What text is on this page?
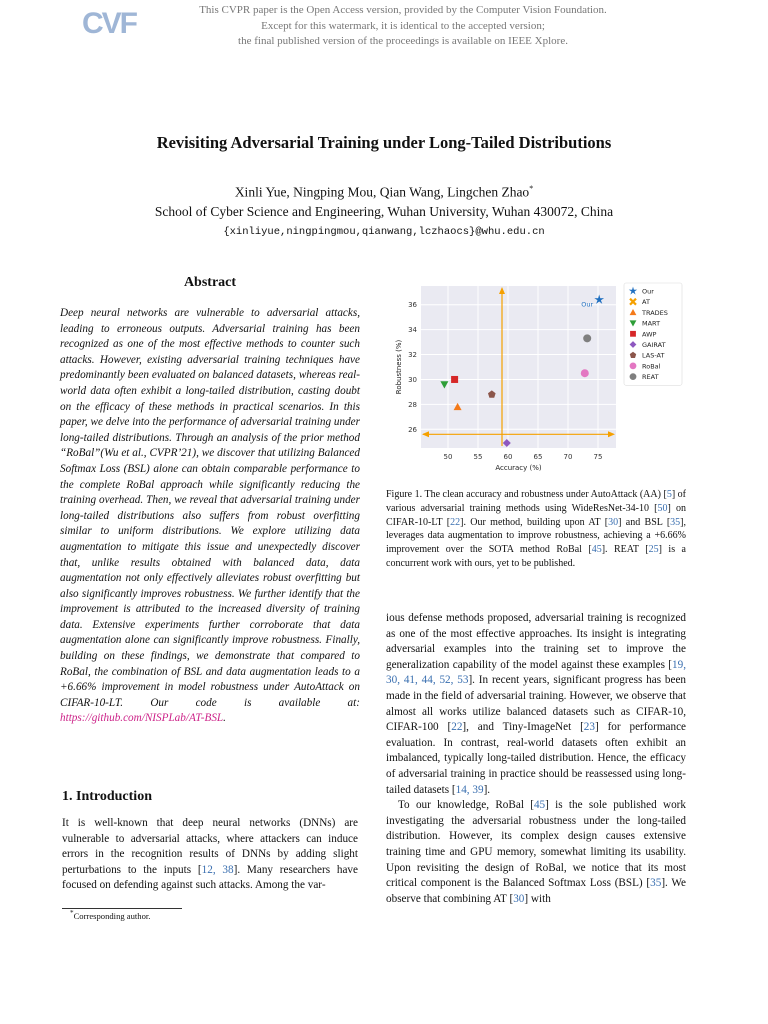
CVF	This CVPR paper is the Open Access version, provided by the Computer Vision Foundation.
Except for this watermark, it is identical to the accepted version;
the final published version of the proceedings is available on IEEE Xplore.
Revisiting Adversarial Training under Long-Tailed Distributions
Xinli Yue, Ningping Mou, Qian Wang, Lingchen Zhao*
School of Cyber Science and Engineering, Wuhan University, Wuhan 430072, China
{xinliyue,ningpingmou,qianwang,lczhaocs}@whu.edu.cn
Abstract
Deep neural networks are vulnerable to adversarial attacks, leading to erroneous outputs. Adversarial training has been recognized as one of the most effective methods to counter such attacks. However, existing adversarial training techniques have predominantly been evaluated on balanced datasets, whereas real-world data often exhibit a long-tailed distribution, casting doubt on the efficacy of these methods in practical scenarios. In this paper, we delve into the performance of adversarial training under long-tailed distributions. Through an analysis of the prior method “RoBal”(Wu et al., CVPR’21), we discover that utilizing Balanced Softmax Loss (BSL) alone can obtain comparable performance to the complete RoBal approach while significantly reducing the training overhead. Then, we reveal that adversarial training under long-tailed distributions also suffers from robust overfitting similar to uniform distributions. We explore utilizing data augmentation to mitigate this issue and unexpectedly discover that, unlike results obtained with balanced data, data augmentation not only effectively alleviates robust overfitting but also significantly improves robustness. We further identify that the improvement is attributed to the increased diversity of training data. Extensive experiments further corroborate that data augmentation alone can significantly improve robustness. Finally, building on these findings, we demonstrate that compared to RoBal, the combination of BSL and data augmentation leads to a +6.66% improvement in model robustness under AutoAttack on CIFAR-10-LT. Our code is available at: https://github.com/NISPLab/AT-BSL.
1. Introduction
It is well-known that deep neural networks (DNNs) are vulnerable to adversarial attacks, where attackers can induce errors in the recognition results of DNNs by adding slight perturbations to the inputs [12, 38]. Many researchers have focused on defending against such attacks. Among the var-
*Corresponding author.
50	55	60	65	70	75
26
28
30
32
34
36
Accuracy (%)
Robustness (%)
Our
Our
AT
TRADES
MART
AWP
GAIRAT
LAS-AT
RoBal
REAT
Figure 1. The clean accuracy and robustness under AutoAttack (AA) [5] of various adversarial training methods using WideResNet-34-10 [50] on CIFAR-10-LT [22]. Our method, building upon AT [30] and BSL [35], leverages data augmentation to improve robustness, achieving a +6.66% improvement over the SOTA method RoBal [45]. REAT [25] is a concurrent work with ours, yet to be published.

ious defense methods proposed, adversarial training is recognized as one of the most effective approaches. Its insight is integrating adversarial examples into the training set to improve the generalization capability of the model against these examples [19, 30, 41, 44, 52, 53]. In recent years, significant progress has been made in the field of adversarial training. However, we observe that almost all works utilize balanced datasets such as CIFAR-10, CIFAR-100 [22], and Tiny-ImageNet [23] for performance evaluation. In contrast, real-world datasets often exhibit an imbalanced, typically long-tailed distribution. Hence, the efficacy of adversarial training in practice should be reassessed using long-tailed datasets [14, 39].

To our knowledge, RoBal [45] is the sole published work investigating the adversarial robustness under the long-tailed distribution. However, its complex design causes extensive training time and GPU memory, somewhat limiting its usability. Upon revisiting the design of RoBal, we notice that its most critical component is the Balanced Softmax Loss (BSL) [35]. We observe that combining AT [30] with
